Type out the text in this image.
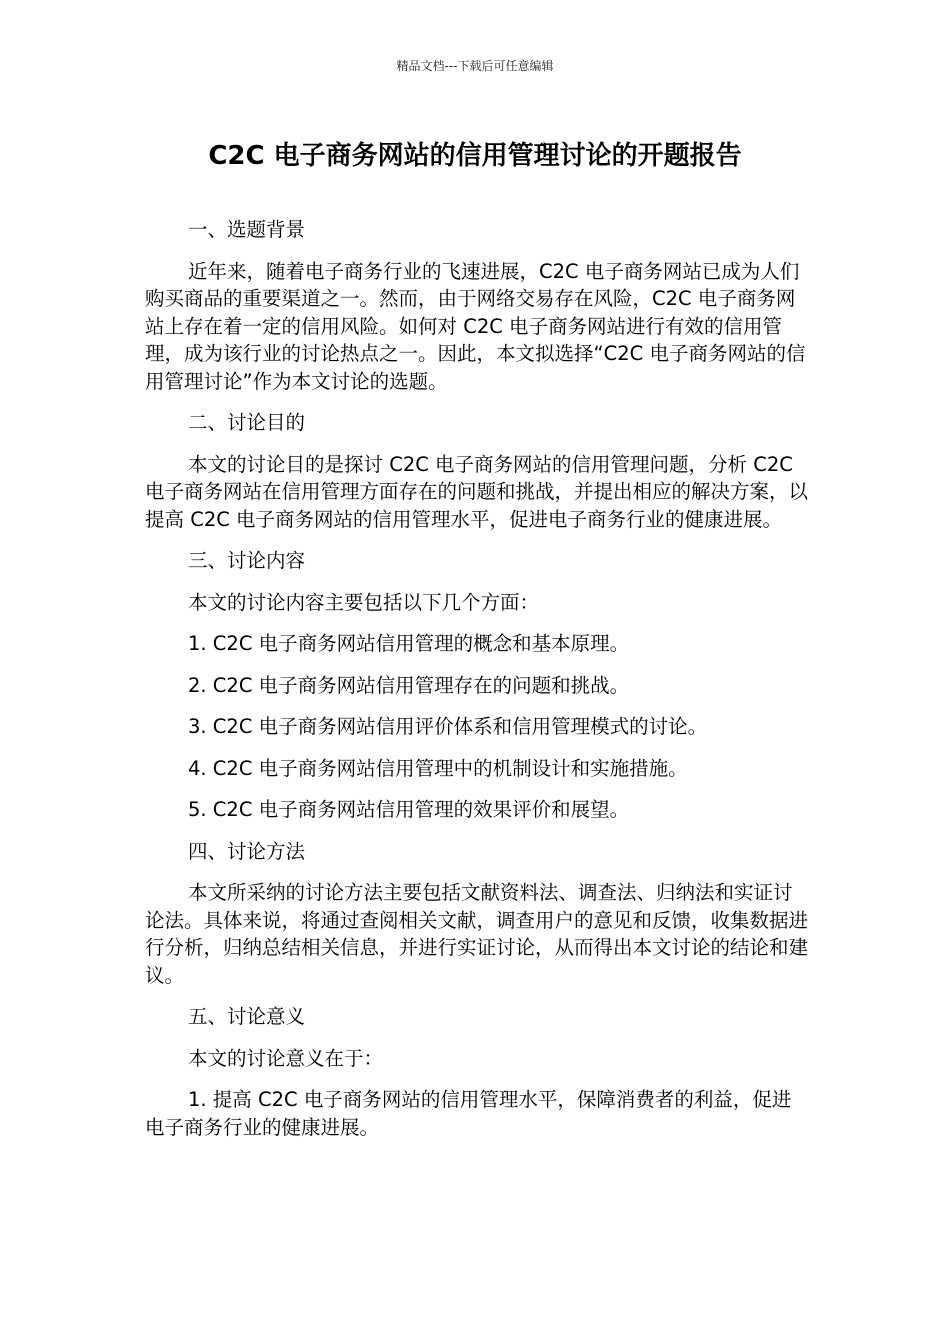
精品文档---下载后可任意编辑
C2C 电子商务网站的信用管理讨论的开题报告

一、选题背景

近年来，随着电子商务行业的飞速进展，C2C 电子商务网站已成为人们购买商品的重要渠道之一。然而，由于网络交易存在风险，C2C 电子商务网站上存在着一定的信用风险。如何对 C2C 电子商务网站进行有效的信用管理，成为该行业的讨论热点之一。因此，本文拟选择“C2C 电子商务网站的信用管理讨论”作为本文讨论的选题。

二、讨论目的

本文的讨论目的是探讨 C2C 电子商务网站的信用管理问题，分析 C2C 电子商务网站在信用管理方面存在的问题和挑战，并提出相应的解决方案，以提高 C2C 电子商务网站的信用管理水平，促进电子商务行业的健康进展。

三、讨论内容

本文的讨论内容主要包括以下几个方面：

1. C2C 电子商务网站信用管理的概念和基本原理。

2. C2C 电子商务网站信用管理存在的问题和挑战。

3. C2C 电子商务网站信用评价体系和信用管理模式的讨论。

4. C2C 电子商务网站信用管理中的机制设计和实施措施。

5. C2C 电子商务网站信用管理的效果评价和展望。

四、讨论方法

本文所采纳的讨论方法主要包括文献资料法、调查法、归纳法和实证讨论法。具体来说，将通过查阅相关文献，调查用户的意见和反馈，收集数据进行分析，归纳总结相关信息，并进行实证讨论，从而得出本文讨论的结论和建议。

五、讨论意义

本文的讨论意义在于：

1. 提高 C2C 电子商务网站的信用管理水平，保障消费者的利益，促进电子商务行业的健康进展。
